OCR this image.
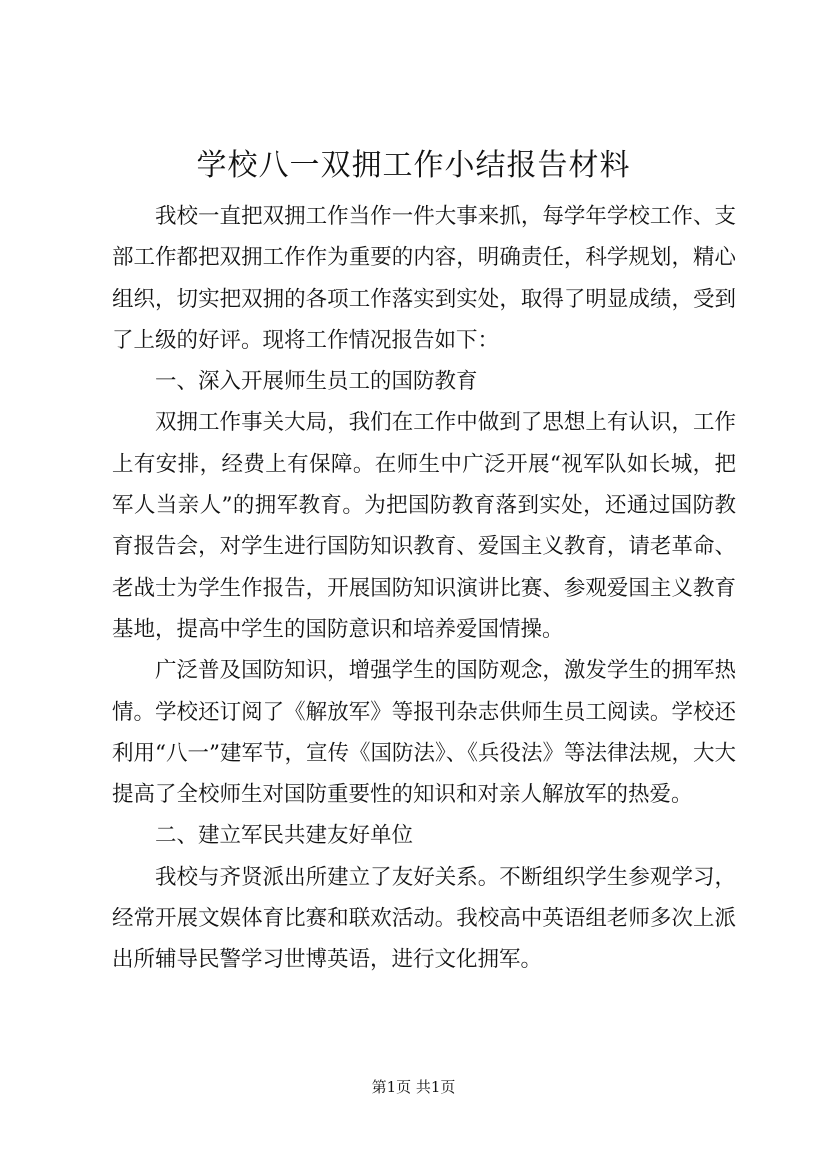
学校八一双拥工作小结报告材料

我校一直把双拥工作当作一件大事来抓，每学年学校工作、支部工作都把双拥工作作为重要的内容，明确责任，科学规划，精心组织，切实把双拥的各项工作落实到实处，取得了明显成绩，受到了上级的好评。现将工作情况报告如下：

一、深入开展师生员工的国防教育

双拥工作事关大局，我们在工作中做到了思想上有认识，工作上有安排，经费上有保障。在师生中广泛开展“视军队如长城，把军人当亲人”的拥军教育。为把国防教育落到实处，还通过国防教育报告会，对学生进行国防知识教育、爱国主义教育，请老革命、老战士为学生作报告，开展国防知识演讲比赛、参观爱国主义教育基地，提高中学生的国防意识和培养爱国情操。

广泛普及国防知识，增强学生的国防观念，激发学生的拥军热情。学校还订阅了《解放军》等报刊杂志供师生员工阅读。学校还利用“八一”建军节，宣传《国防法》、《兵役法》等法律法规，大大提高了全校师生对国防重要性的知识和对亲人解放军的热爱。

二、建立军民共建友好单位

我校与齐贤派出所建立了友好关系。不断组织学生参观学习，经常开展文娱体育比赛和联欢活动。我校高中英语组老师多次上派出所辅导民警学习世博英语，进行文化拥军。

第1页 共1页
